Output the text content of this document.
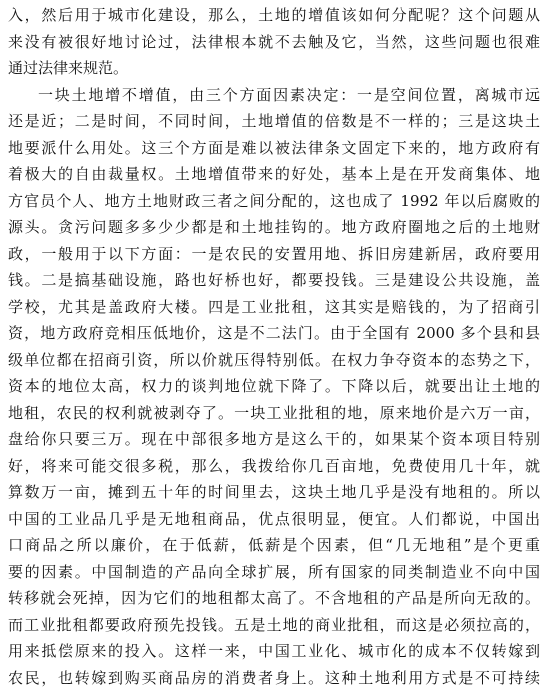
入，然后用于城市化建设，那么，土地的增值该如何分配呢？这个问题从
来没有被很好地讨论过，法律根本就不去触及它，当然，这些问题也很难
通过法律来规范。
一块土地增不增值，由三个方面因素决定：一是空间位置，离城市远
还是近；二是时间，不同时间，土地增值的倍数是不一样的；三是这块土
地要派什么用处。这三个方面是难以被法律条文固定下来的，地方政府有
着极大的自由裁量权。土地增值带来的好处，基本上是在开发商集体、地
方官员个人、地方土地财政三者之间分配的，这也成了 1992 年以后腐败的
源头。贪污问题多多少少都是和土地挂钩的。地方政府圈地之后的土地财
政，一般用于以下方面：一是农民的安置用地、拆旧房建新居，政府要用
钱。二是搞基础设施，路也好桥也好，都要投钱。三是建设公共设施，盖
学校，尤其是盖政府大楼。四是工业批租，这其实是赔钱的，为了招商引
资，地方政府竞相压低地价，这是不二法门。由于全国有 2000 多个县和县
级单位都在招商引资，所以价就压得特别低。在权力争夺资本的态势之下，
资本的地位太高，权力的谈判地位就下降了。下降以后，就要出让土地的
地租，农民的权利就被剥夺了。一块工业批租的地，原来地价是六万一亩，
盘给你只要三万。现在中部很多地方是这么干的，如果某个资本项目特别
好，将来可能交很多税，那么，我拨给你几百亩地，免费使用几十年，就
算数万一亩，摊到五十年的时间里去，这块土地几乎是没有地租的。所以
中国的工业品几乎是无地租商品，优点很明显，便宜。人们都说，中国出
口商品之所以廉价，在于低薪，低薪是个因素，但“几无地租”是个更重
要的因素。中国制造的产品向全球扩展，所有国家的同类制造业不向中国
转移就会死掉，因为它们的地租都太高了。不含地租的产品是所向无敌的。
而工业批租都要政府预先投钱。五是土地的商业批租，而这是必须拉高的，
用来抵偿原来的投入。这样一来，中国工业化、城市化的成本不仅转嫁到
农民，也转嫁到购买商品房的消费者身上。这种土地利用方式是不可持续
